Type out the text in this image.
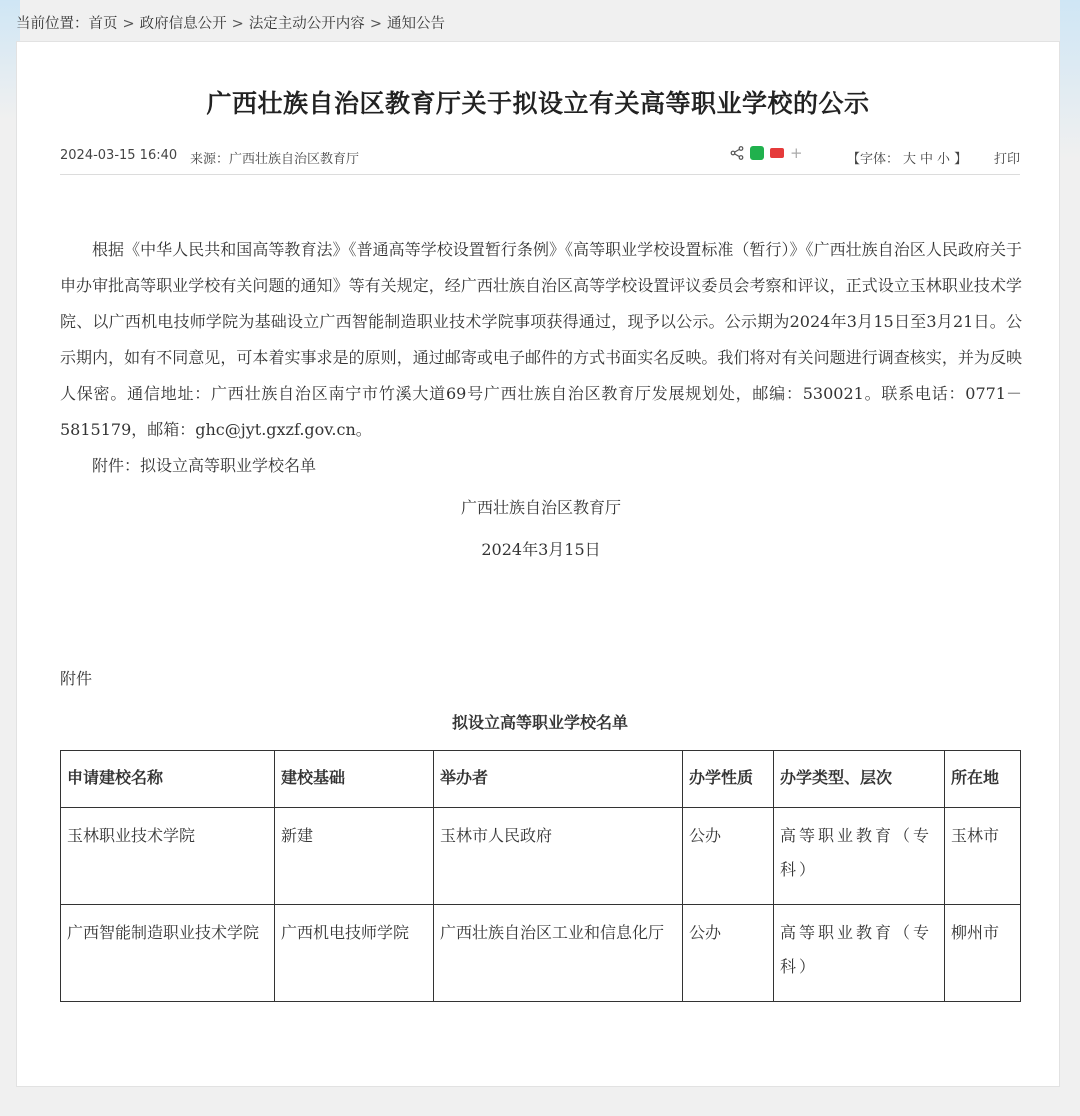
当前位置：首页 > 政府信息公开 > 法定主动公开内容 > 通知公告
广西壮族自治区教育厅关于拟设立有关高等职业学校的公示
2024-03-15 16:40 来源：广西壮族自治区教育厅	+	【字体： 大 中 小 】 打印

根据《中华人民共和国高等教育法》《普通高等学校设置暂行条例》《高等职业学校设置标准（暂行）》《广西壮族自治区人民政府关于申办审批高等职业学校有关问题的通知》等有关规定，经广西壮族自治区高等学校设置评议委员会考察和评议，正式设立玉林职业技术学院、以广西机电技师学院为基础设立广西智能制造职业技术学院事项获得通过，现予以公示。公示期为2024年3月15日至3月21日。公示期内，如有不同意见，可本着实事求是的原则，通过邮寄或电子邮件的方式书面实名反映。我们将对有关问题进行调查核实，并为反映人保密。通信地址：广西壮族自治区南宁市竹溪大道69号广西壮族自治区教育厅发展规划处，邮编：530021。联系电话：0771－5815179，邮箱：ghc@jyt.gxzf.gov.cn。

附件：拟设立高等职业学校名单

广西壮族自治区教育厅

2024年3月15日

附件
拟设立高等职业学校名单
申请建校名称	建校基础	举办者	办学性质	办学类型、层次	所在地
玉林职业技术学院	新建	玉林市人民政府	公办	高等职业教育（专科）	玉林市
广西智能制造职业技术学院	广西机电技师学院	广西壮族自治区工业和信息化厅	公办	高等职业教育（专科）	柳州市
